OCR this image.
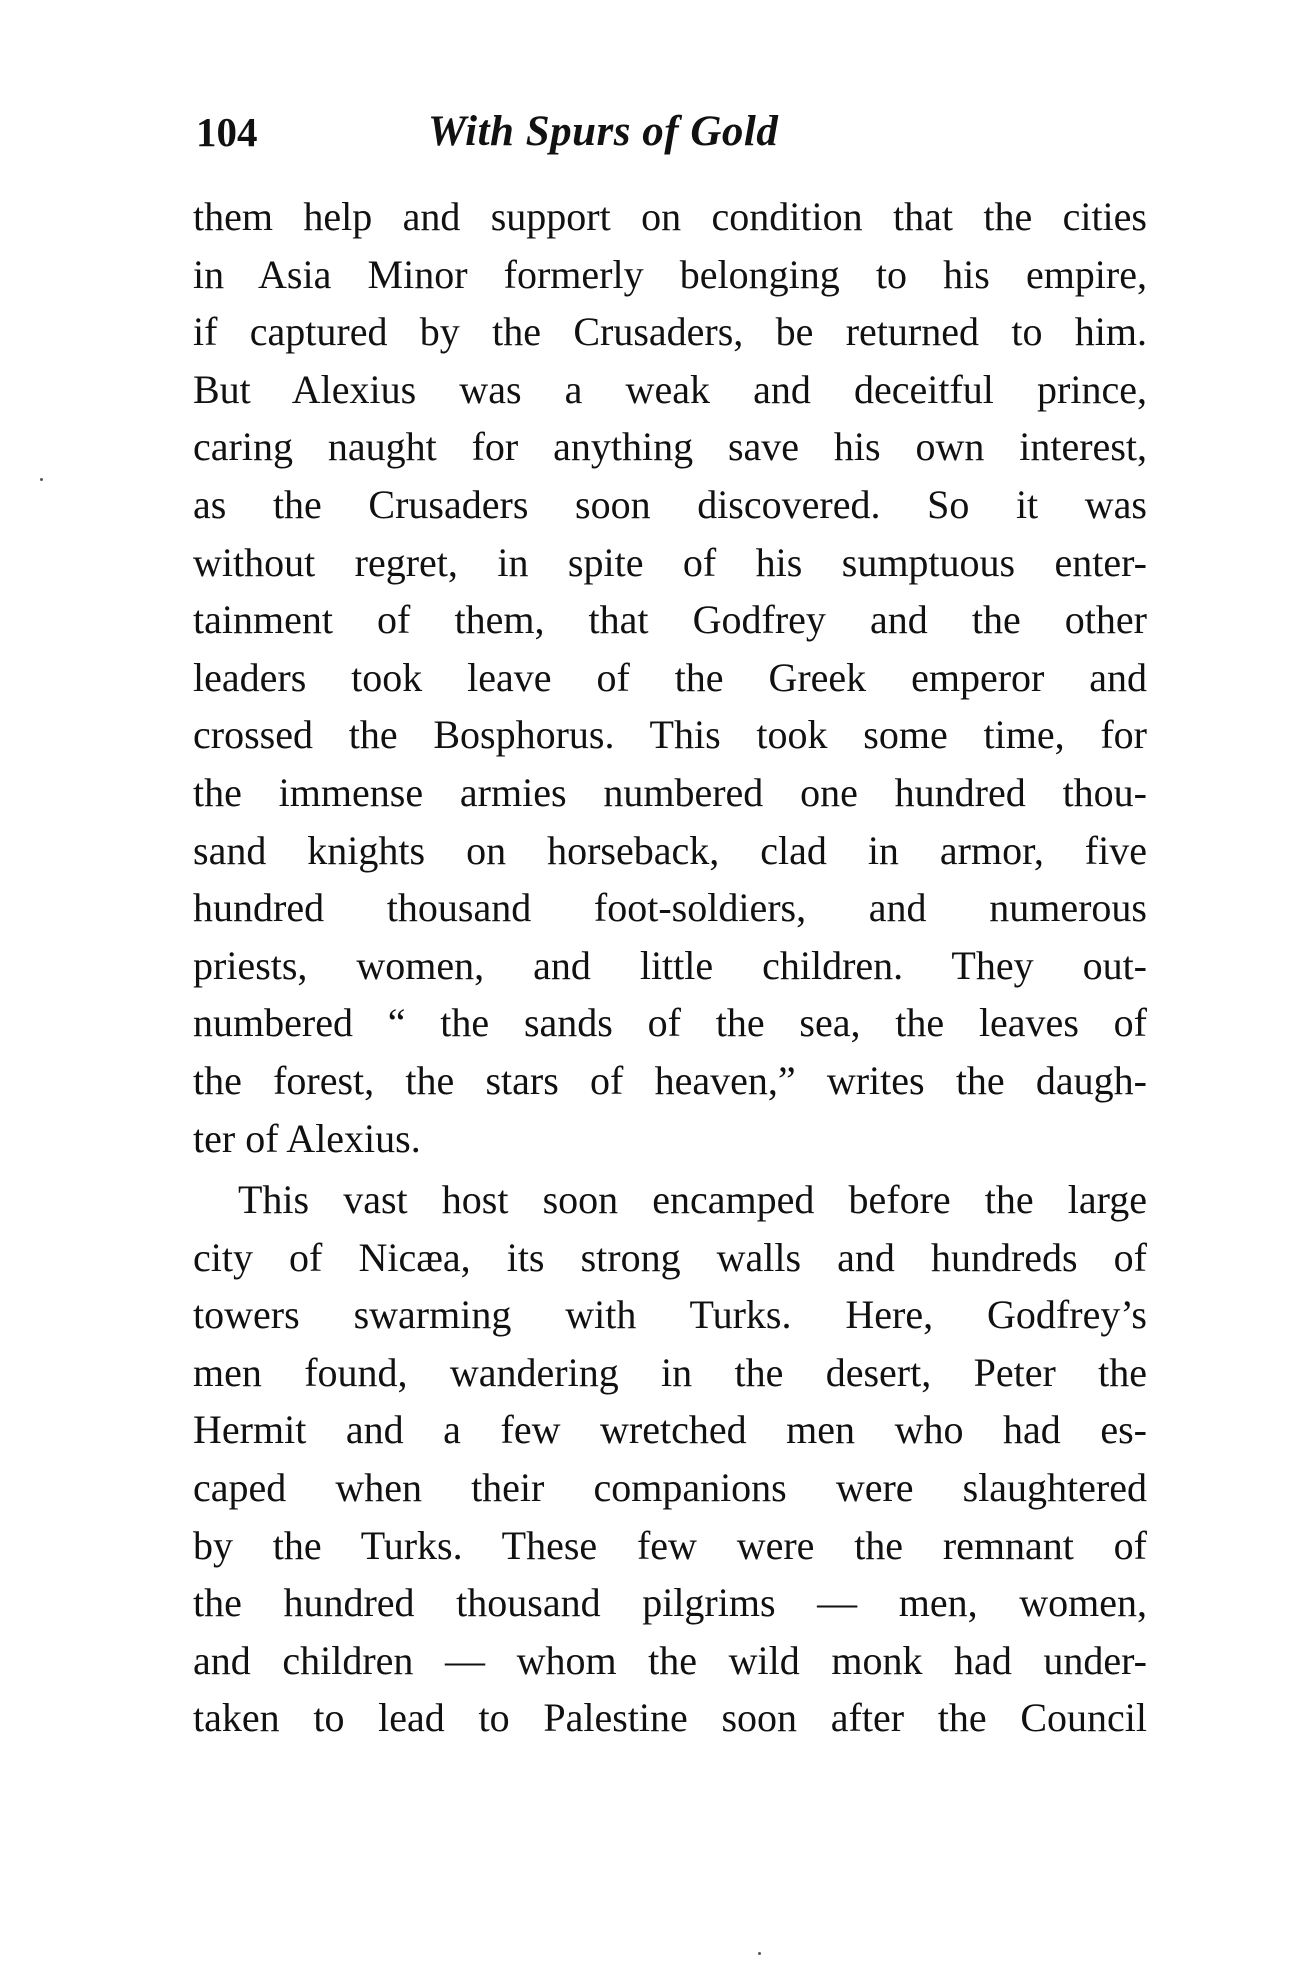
104	With Spurs of Gold
them help and support on condition that the cities
in Asia Minor formerly belonging to his empire,
if captured by the Crusaders, be returned to him.
But Alexius was a weak and deceitful prince,
caring naught for anything save his own interest,
as the Crusaders soon discovered. So it was
without regret, in spite of his sumptuous enter-
tainment of them, that Godfrey and the other
leaders took leave of the Greek emperor and
crossed the Bosphorus. This took some time, for
the immense armies numbered one hundred thou-
sand knights on horseback, clad in armor, five
hundred thousand foot-soldiers, and numerous
priests, women, and little children. They out-
numbered “ the sands of the sea, the leaves of
the forest, the stars of heaven,” writes the daugh-
ter of Alexius.
This vast host soon encamped before the large
city of Nicæa, its strong walls and hundreds of
towers swarming with Turks. Here, Godfrey’s
men found, wandering in the desert, Peter the
Hermit and a few wretched men who had es-
caped when their companions were slaughtered
by the Turks. These few were the remnant of
the hundred thousand pilgrims — men, women,
and children — whom the wild monk had under-
taken to lead to Palestine soon after the Council
